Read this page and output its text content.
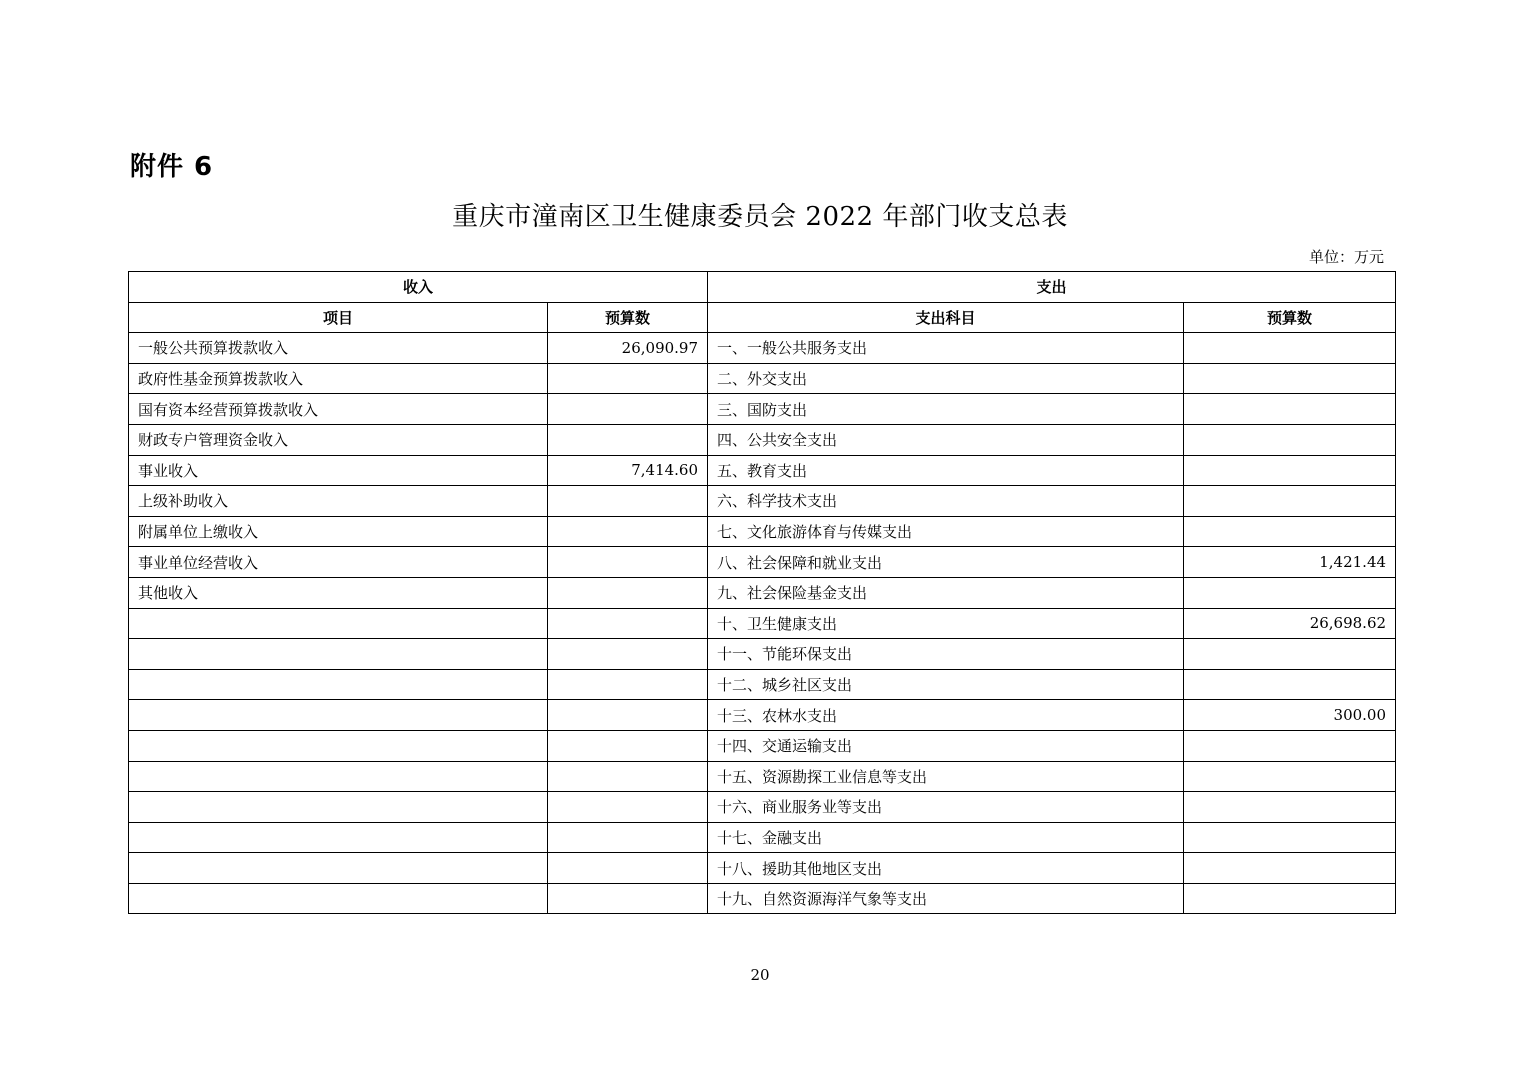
附件 6
重庆市潼南区卫生健康委员会 2022 年部门收支总表
单位：万元
收入		支出	
项目	预算数	支出科目	预算数
一般公共预算拨款收入	26,090.97	一、一般公共服务支出	
政府性基金预算拨款收入		二、外交支出	
国有资本经营预算拨款收入		三、国防支出	
财政专户管理资金收入		四、公共安全支出	
事业收入	7,414.60	五、教育支出	
上级补助收入		六、科学技术支出	
附属单位上缴收入		七、文化旅游体育与传媒支出	
事业单位经营收入		八、社会保障和就业支出	1,421.44
其他收入		九、社会保险基金支出	
		十、卫生健康支出	26,698.62
		十一、节能环保支出	
		十二、城乡社区支出	
		十三、农林水支出	300.00
		十四、交通运输支出	
		十五、资源勘探工业信息等支出	
		十六、商业服务业等支出	
		十七、金融支出	
		十八、援助其他地区支出	
		十九、自然资源海洋气象等支出	
20
